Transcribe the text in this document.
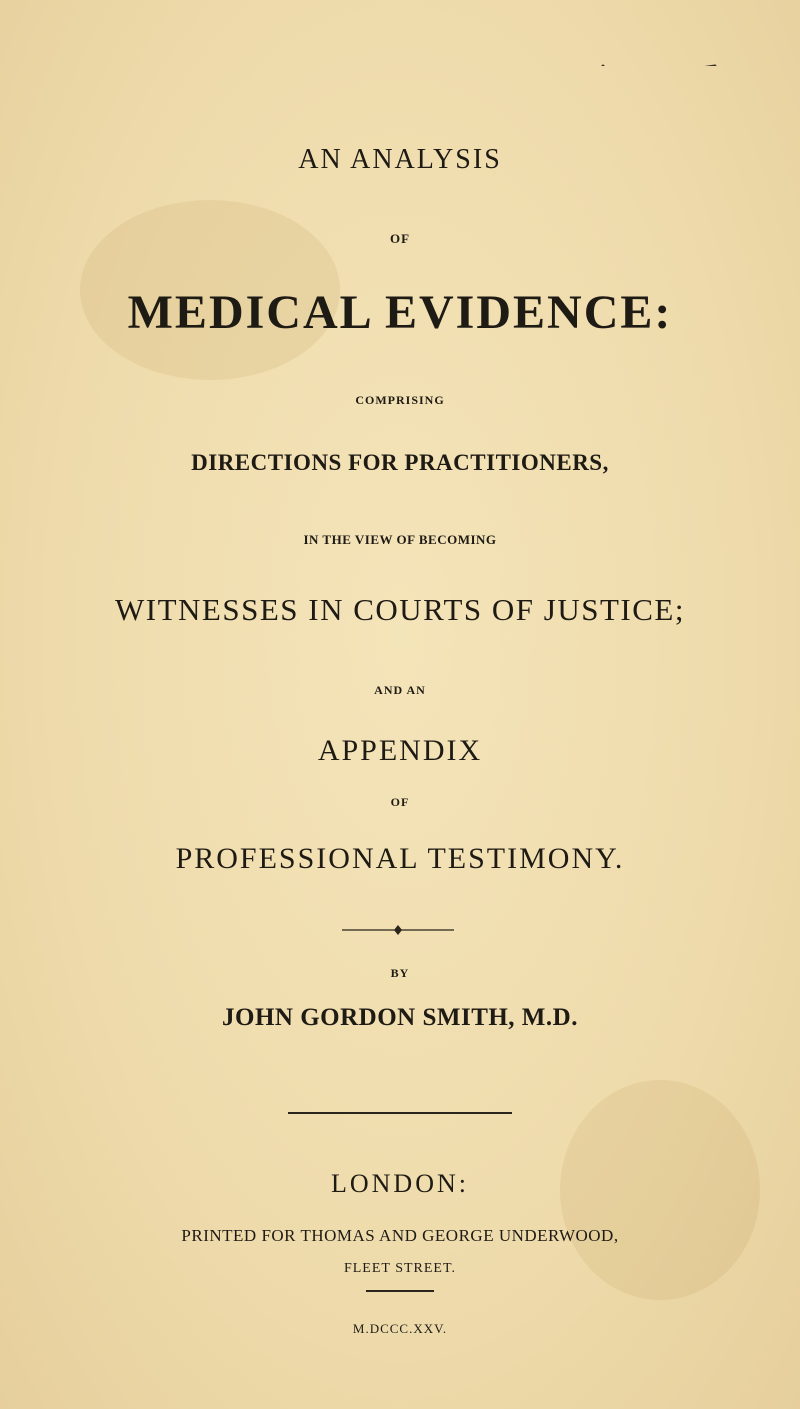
AN ANALYSIS

OF

MEDICAL EVIDENCE:

COMPRISING

DIRECTIONS FOR PRACTITIONERS,

IN THE VIEW OF BECOMING

WITNESSES IN COURTS OF JUSTICE;

AND AN

APPENDIX

OF

PROFESSIONAL TESTIMONY.

BY

JOHN GORDON SMITH, M.D.

LONDON:

PRINTED FOR THOMAS AND GEORGE UNDERWOOD,

FLEET STREET.

M.DCCC.XXV.
